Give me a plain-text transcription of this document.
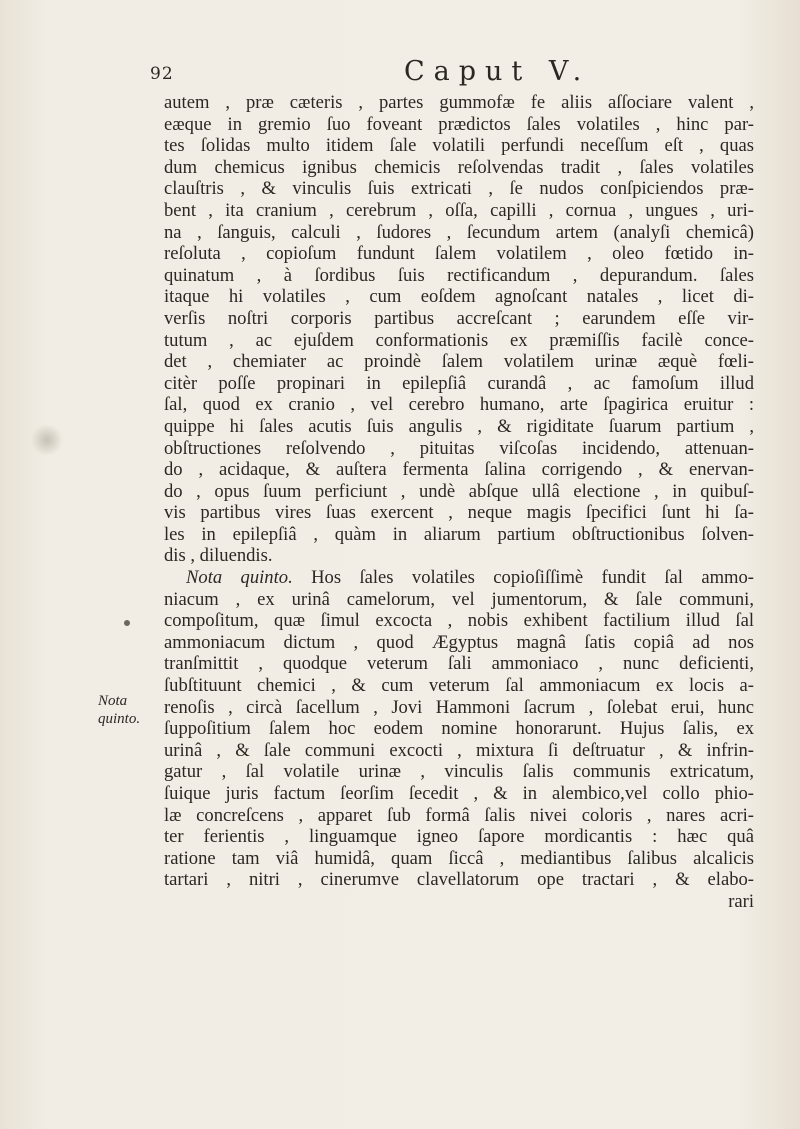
92	Caput V.
Nota
quinto.
autem , præ cæteris , partes gummofæ fe aliis aſſociare valent ,
eæque in gremio ſuo foveant prædictos ſales volatiles , hinc par-
tes ſolidas multo itidem ſale volatili perfundi neceſſum eſt , quas
dum chemicus ignibus chemicis reſolvendas tradit , ſales volatiles
clauſtris , & vinculis ſuis extricati , ſe nudos conſpiciendos præ-
bent , ita cranium , cerebrum , oſſa, capilli , cornua , ungues , uri-
na , ſanguis, calculi , ſudores , ſecundum artem (analyſi chemicâ)
reſoluta , copioſum fundunt ſalem volatilem , oleo fœtido in-
quinatum , à ſordibus ſuis rectificandum , depurandum. ſales
itaque hi volatiles , cum eoſdem agnoſcant natales , licet di-
verſis noſtri corporis partibus accreſcant ; earundem eſſe vir-
tutum , ac ejuſdem conformationis ex præmiſſis facilè conce-
det , chemiater ac proindè ſalem volatilem urinæ æquè fœli-
citèr poſſe propinari in epilepſiâ curandâ , ac famoſum illud
ſal, quod ex cranio , vel cerebro humano, arte ſpagirica eruitur :
quippe hi ſales acutis ſuis angulis , & rigiditate ſuarum partium ,
obſtructiones reſolvendo , pituitas viſcoſas incidendo, attenuan-
do , acidaque, & auſtera fermenta ſalina corrigendo , & enervan-
do , opus ſuum perficiunt , undè abſque ullâ electione , in quibuſ-
vis partibus vires ſuas exercent , neque magis ſpecifici ſunt hi ſa-
les in epilepſiâ , quàm in aliarum partium obſtructionibus ſolven-
dis , diluendis.
Nota quinto. Hos ſales volatiles copioſiſſimè fundit ſal ammo-
niacum , ex urinâ camelorum, vel jumentorum, & ſale communi,
compoſitum, quæ ſimul excocta , nobis exhibent factilium illud ſal
ammoniacum dictum , quod Ægyptus magnâ ſatis copiâ ad nos
tranſmittit , quodque veterum ſali ammoniaco , nunc deficienti,
ſubſtituunt chemici , & cum veterum ſal ammoniacum ex locis a-
renoſis , circà ſacellum , Jovi Hammoni ſacrum , ſolebat erui, hunc
ſuppoſitium ſalem hoc eodem nomine honorarunt. Hujus ſalis, ex
urinâ , & ſale communi excocti , mixtura ſi deſtruatur , & infrin-
gatur , ſal volatile urinæ , vinculis ſalis communis extricatum,
ſuique juris factum ſeorſim ſecedit , & in alembico,vel collo phio-
læ concreſcens , apparet ſub formâ ſalis nivei coloris , nares acri-
ter ferientis , linguamque igneo ſapore mordicantis : hæc quâ
ratione tam viâ humidâ, quam ſiccâ , mediantibus ſalibus alcalicis
tartari , nitri , cinerumve clavellatorum ope tractari , & elabo-
rari
